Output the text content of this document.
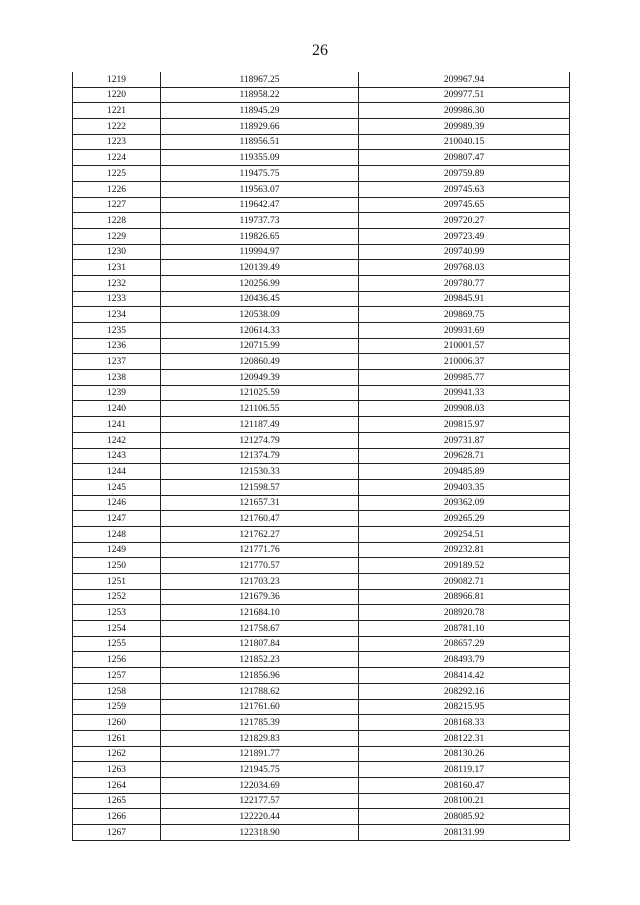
26
1219	118967.25	209967.94
1220	118958.22	209977.51
1221	118945.29	209986.30
1222	118929.66	209989.39
1223	118956.51	210040.15
1224	119355.09	209807.47
1225	119475.75	209759.89
1226	119563.07	209745.63
1227	119642.47	209745.65
1228	119737.73	209720.27
1229	119826.65	209723.49
1230	119994.97	209740.99
1231	120139.49	209768.03
1232	120256.99	209780.77
1233	120436.45	209845.91
1234	120538.09	209869.75
1235	120614.33	209931.69
1236	120715.99	210001.57
1237	120860.49	210006.37
1238	120949.39	209985.77
1239	121025.59	209941.33
1240	121106.55	209908.03
1241	121187.49	209815.97
1242	121274.79	209731.87
1243	121374.79	209628.71
1244	121530.33	209485.89
1245	121598.57	209403.35
1246	121657.31	209362.09
1247	121760.47	209265.29
1248	121762.27	209254.51
1249	121771.76	209232.81
1250	121770.57	209189.52
1251	121703.23	209082.71
1252	121679.36	208966.81
1253	121684.10	208920.78
1254	121758.67	208781.10
1255	121807.84	208657.29
1256	121852.23	208493.79
1257	121856.96	208414.42
1258	121788.62	208292.16
1259	121761.60	208215.95
1260	121785.39	208168.33
1261	121829.83	208122.31
1262	121891.77	208130.26
1263	121945.75	208119.17
1264	122034.69	208160.47
1265	122177.57	208100.21
1266	122220.44	208085.92
1267	122318.90	208131.99
